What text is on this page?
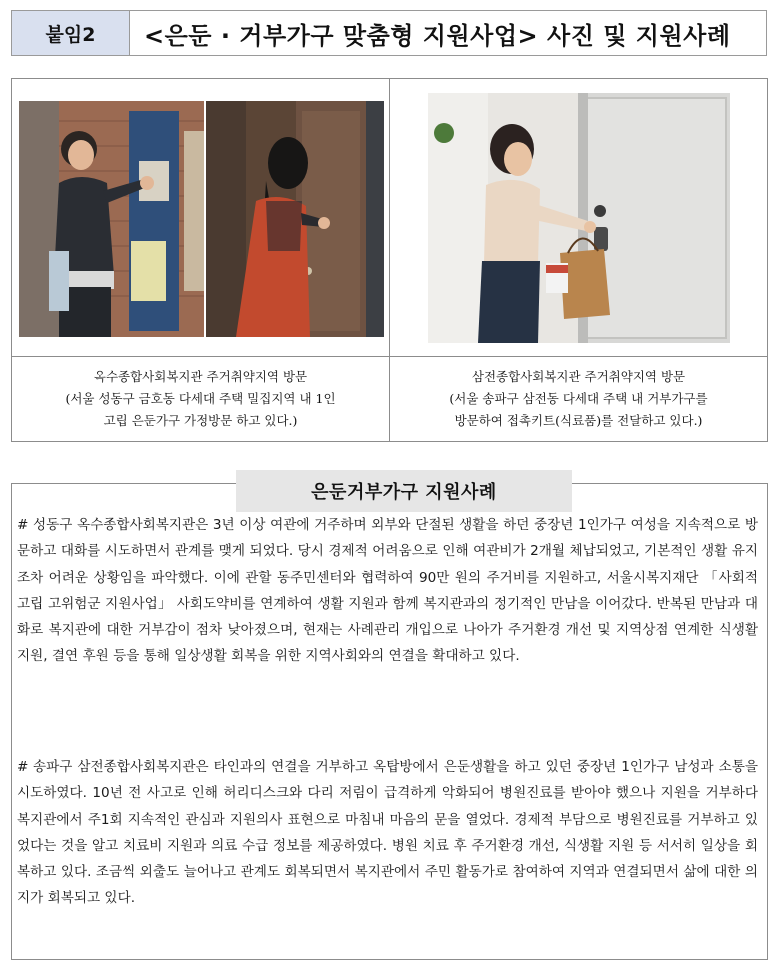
붙임2	<은둔 · 거부가구 맞춤형 지원사업> 사진 및 지원사례
옥수종합사회복지관 주거취약지역 방문
(서울 성동구 금호동 다세대 주택 밀집지역 내 1인
고립 은둔가구 가정방문 하고 있다.)
삼전종합사회복지관 주거취약지역 방문
(서울 송파구 삼전동 다세대 주택 내 거부가구를
방문하여 접촉키트(식료품)를 전달하고 있다.)
은둔거부가구 지원사례
# 성동구 옥수종합사회복지관은 3년 이상 여관에 거주하며 외부와 단절된 생활을 하던 중장년 1인가구 여성을 지속적으로 방문하고 대화를 시도하면서 관계를 맺게 되었다. 당시 경제적 어려움으로 인해 여관비가 2개월 체납되었고, 기본적인 생활 유지조차 어려운 상황임을 파악했다. 이에 관할 동주민센터와 협력하여 90만 원의 주거비를 지원하고, 서울시복지재단 「사회적 고립 고위험군 지원사업」 사회도약비를 연계하여 생활 지원과 함께 복지관과의 정기적인 만남을 이어갔다. 반복된 만남과 대화로 복지관에 대한 거부감이 점차 낮아졌으며, 현재는 사례관리 개입으로 나아가 주거환경 개선 및 지역상점 연계한 식생활 지원, 결연 후원 등을 통해 일상생활 회복을 위한 지역사회와의 연결을 확대하고 있다.
# 송파구 삼전종합사회복지관은 타인과의 연결을 거부하고 옥탑방에서 은둔생활을 하고 있던 중장년 1인가구 남성과 소통을 시도하였다. 10년 전 사고로 인해 허리디스크와 다리 저림이 급격하게 악화되어 병원진료를 받아야 했으나 지원을 거부하다 복지관에서 주1회 지속적인 관심과 지원의사 표현으로 마침내 마음의 문을 열었다. 경제적 부담으로 병원진료를 거부하고 있었다는 것을 알고 치료비 지원과 의료 수급 정보를 제공하였다. 병원 치료 후 주거환경 개선, 식생활 지원 등 서서히 일상을 회복하고 있다. 조금씩 외출도 늘어나고 관계도 회복되면서 복지관에서 주민 활동가로 참여하여 지역과 연결되면서 삶에 대한 의지가 회복되고 있다.
